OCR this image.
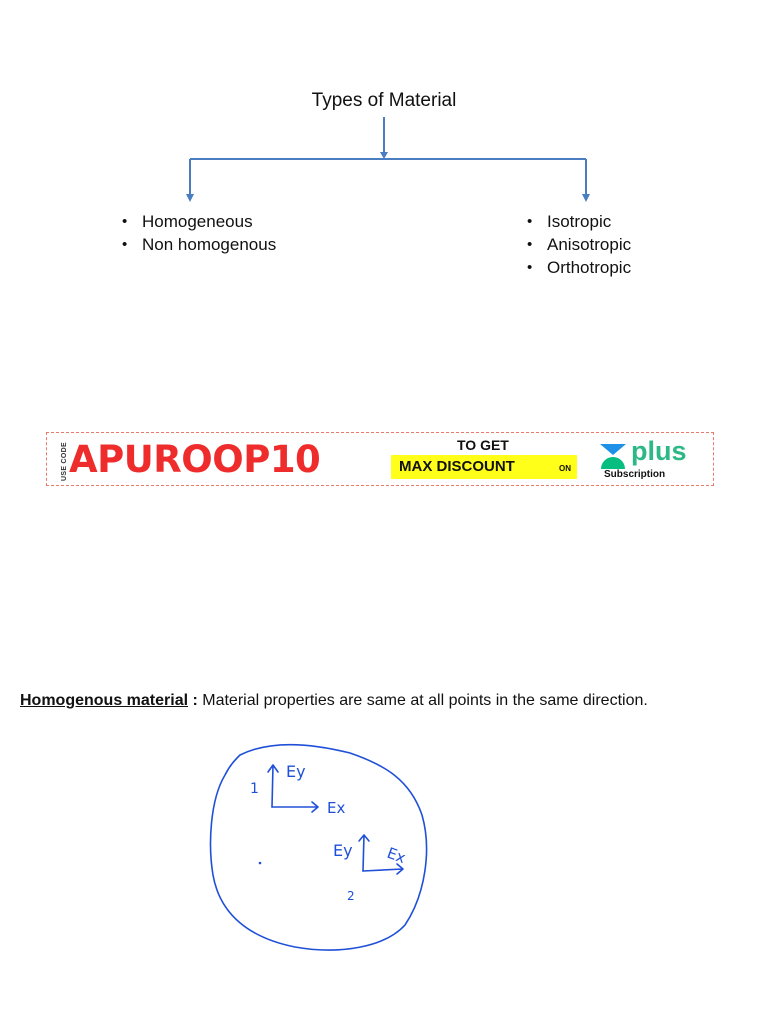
Types of Material
• Homogeneous
• Non homogenous
• Isotropic
• Anisotropic
• Orthotropic
USE CODE APUROOP10	TO GET
MAX DISCOUNT	ON
plus
Subscription
Homogenous material : Material properties are same at all points in the same direction.
1
Ey
Ex
Ey Ex
2
